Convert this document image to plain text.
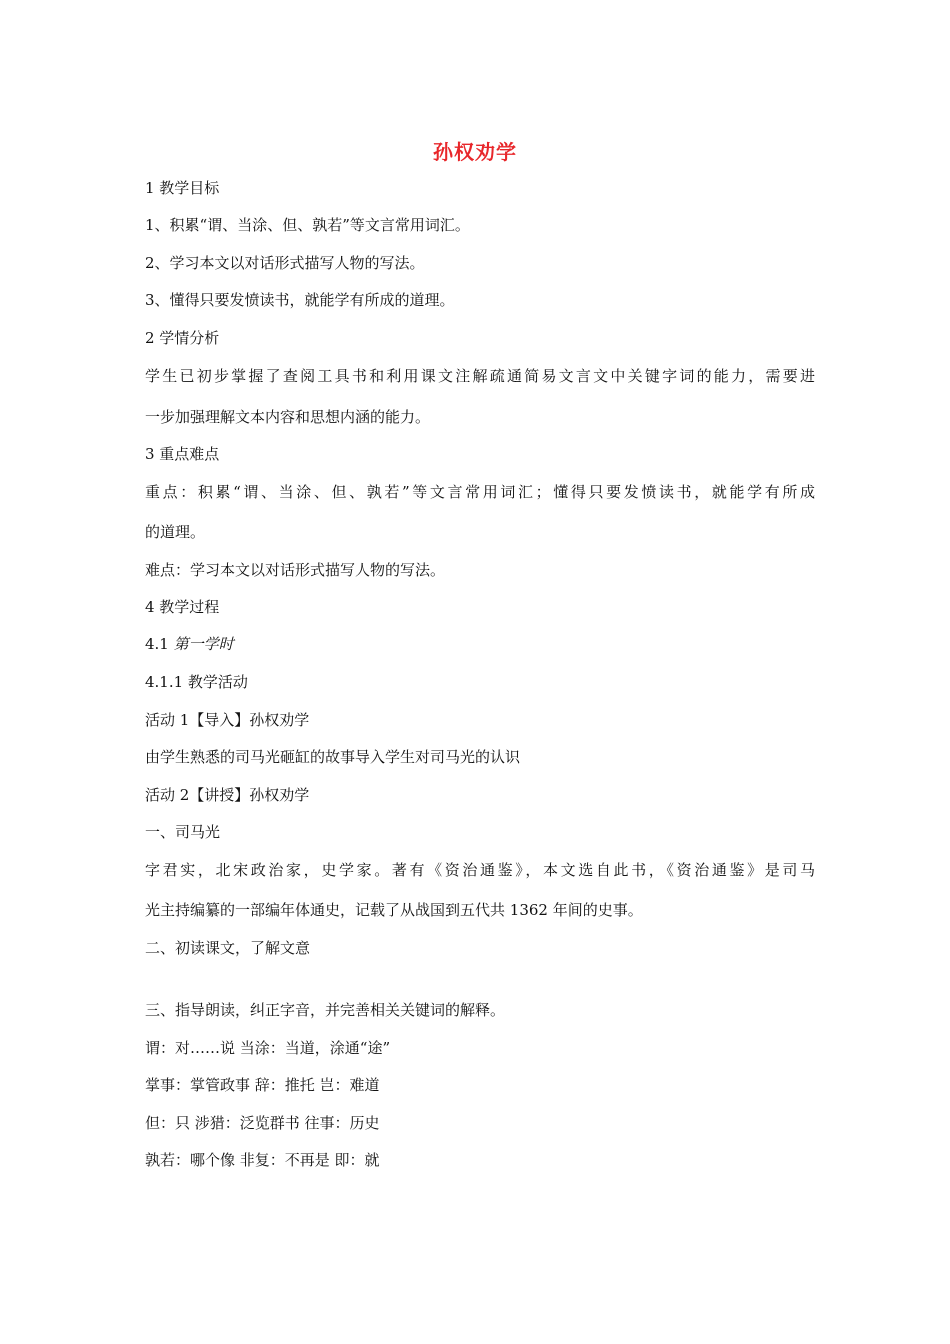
孙权劝学
1 教学目标
1、积累“谓、当涂、但、孰若”等文言常用词汇。
2、学习本文以对话形式描写人物的写法。
3、懂得只要发愤读书，就能学有所成的道理。
2 学情分析
学生已初步掌握了查阅工具书和利用课文注解疏通简易文言文中关键字词的能力，需要进
一步加强理解文本内容和思想内涵的能力。
3 重点难点
重点：积累“谓、当涂、但、孰若”等文言常用词汇；懂得只要发愤读书，就能学有所成
的道理。
难点：学习本文以对话形式描写人物的写法。
4 教学过程
4.1 第一学时
4.1.1 教学活动
活动 1【导入】孙权劝学
由学生熟悉的司马光砸缸的故事导入学生对司马光的认识
活动 2【讲授】孙权劝学
一、司马光
字君实，北宋政治家，史学家。著有《资治通鉴》，本文选自此书，《资治通鉴》是司马
光主持编纂的一部编年体通史，记载了从战国到五代共 1362 年间的史事。
二、初读课文，了解文意
三、指导朗读，纠正字音，并完善相关关键词的解释。
谓：对……说 当涂：当道，涂通“途”
掌事：掌管政事 辞：推托 岂：难道
但：只 涉猎：泛览群书 往事：历史
孰若：哪个像 非复：不再是 即：就
